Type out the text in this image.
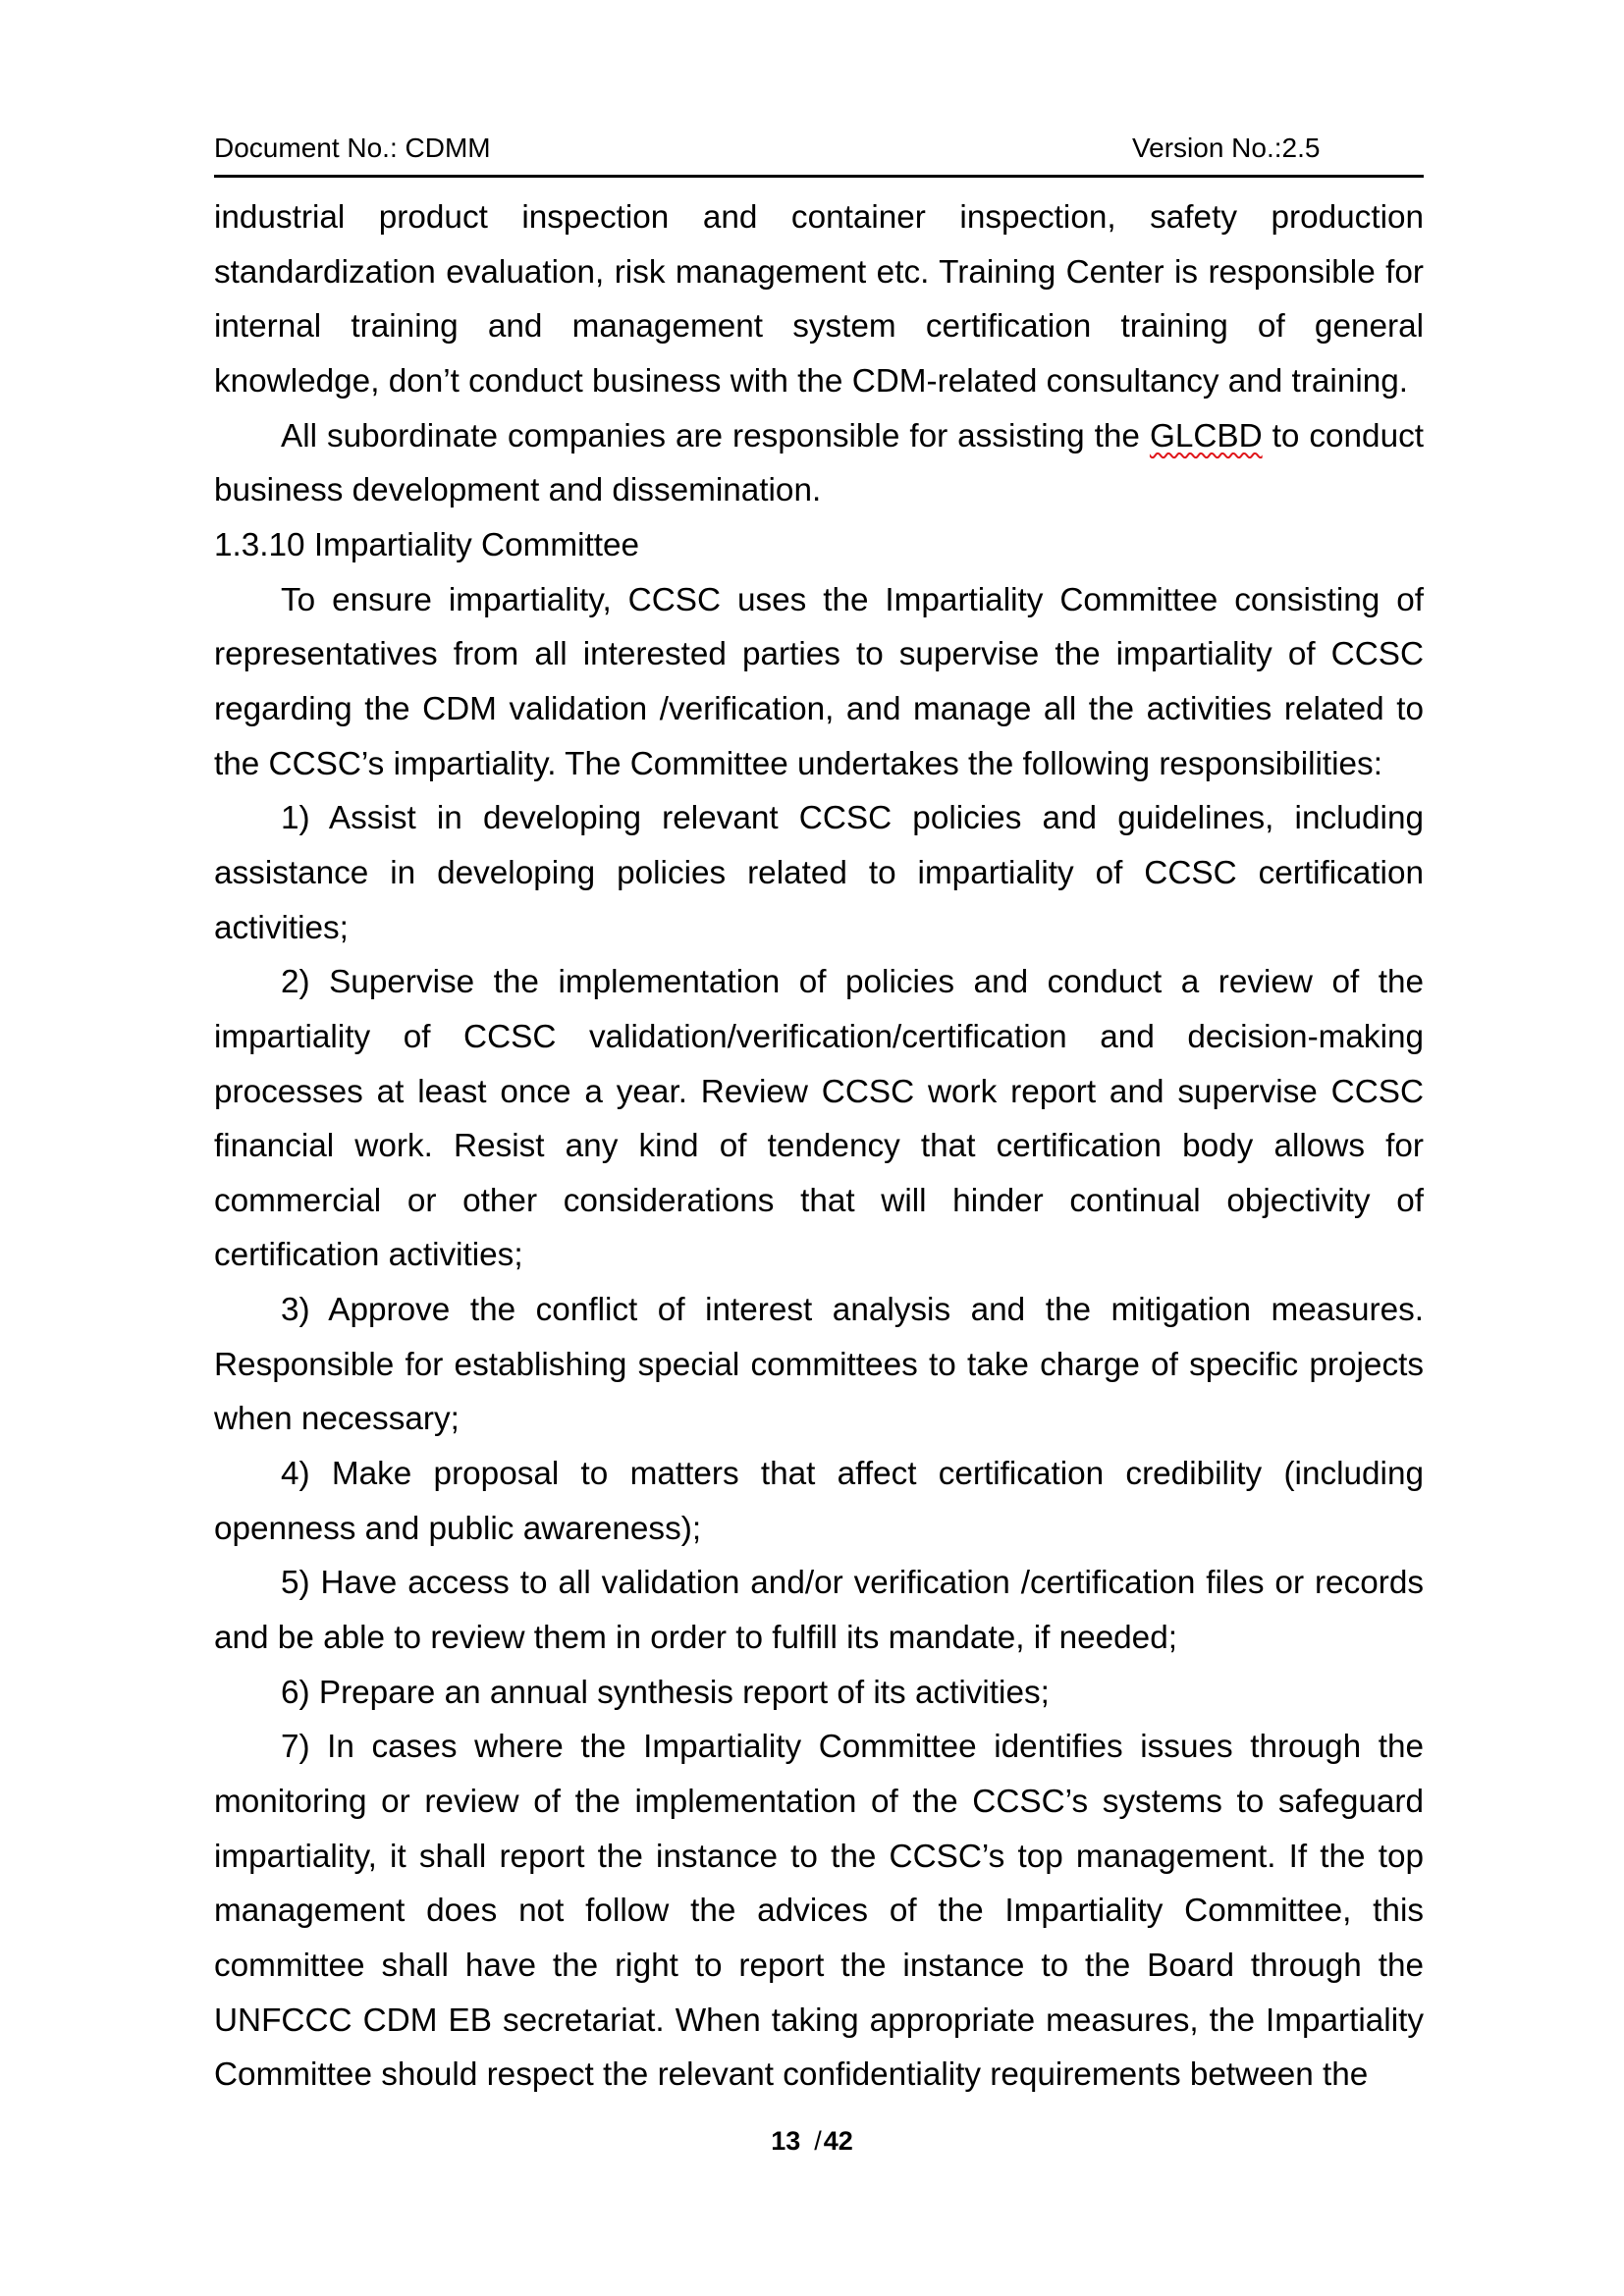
Document No.: CDMM	Version No.:2.5

industrial product inspection and container inspection, safety production standardization evaluation, risk management etc. Training Center is responsible for internal training and management system certification training of general knowledge, don’t conduct business with the CDM-related consultancy and training.

All subordinate companies are responsible for assisting the GLCBD to conduct business development and dissemination.

1.3.10 Impartiality Committee

To ensure impartiality, CCSC uses the Impartiality Committee consisting of representatives from all interested parties to supervise the impartiality of CCSC regarding the CDM validation /verification, and manage all the activities related to the CCSC’s impartiality. The Committee undertakes the following responsibilities:

1) Assist in developing relevant CCSC policies and guidelines, including assistance in developing policies related to impartiality of CCSC certification activities;

2) Supervise the implementation of policies and conduct a review of the impartiality of CCSC validation/verification/certification and decision-making processes at least once a year. Review CCSC work report and supervise CCSC financial work. Resist any kind of tendency that certification body allows for commercial or other considerations that will hinder continual objectivity of certification activities;

3) Approve the conflict of interest analysis and the mitigation measures. Responsible for establishing special committees to take charge of specific projects when necessary;

4) Make proposal to matters that affect certification credibility (including openness and public awareness);

5) Have access to all validation and/or verification /certification files or records and be able to review them in order to fulfill its mandate, if needed;

6) Prepare an annual synthesis report of its activities;

7) In cases where the Impartiality Committee identifies issues through the monitoring or review of the implementation of the CCSC’s systems to safeguard impartiality, it shall report the instance to the CCSC’s top management. If the top management does not follow the advices of the Impartiality Committee, this committee shall have the right to report the instance to the Board through the UNFCCC CDM EB secretariat. When taking appropriate measures, the Impartiality Committee should respect the relevant confidentiality requirements between the

13 /42
